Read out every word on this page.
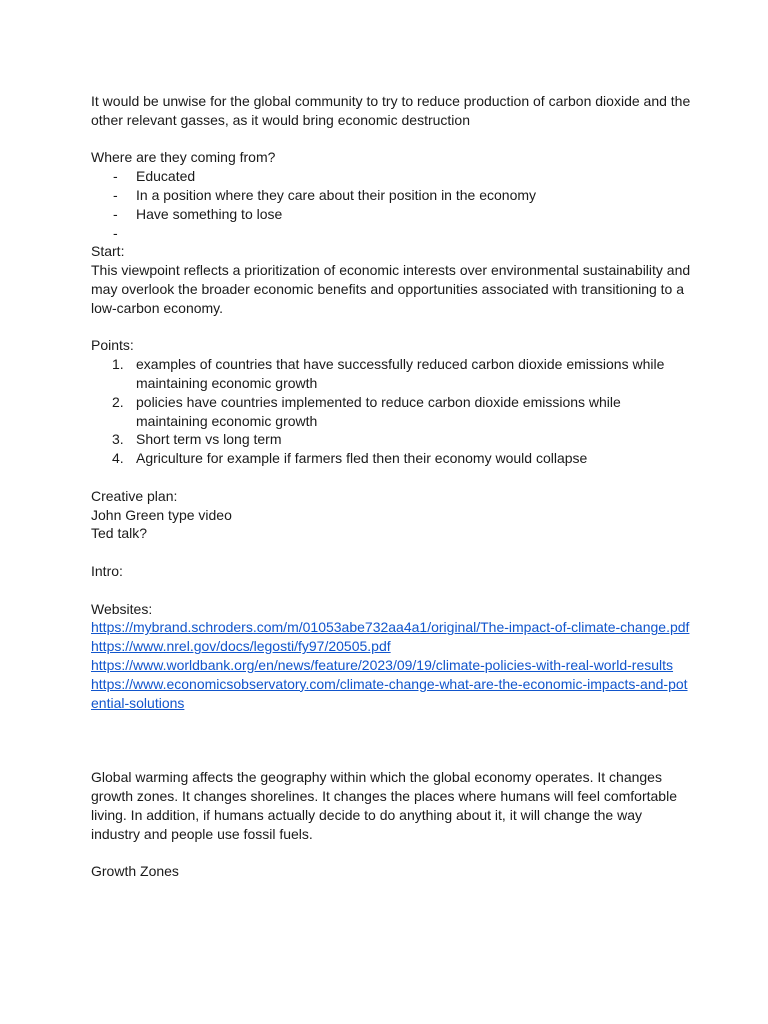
It would be unwise for the global community to try to reduce production of carbon dioxide and the other relevant gasses, as it would bring economic destruction

Where are they coming from?

- Educated
- In a position where they care about their position in the economy
- Have something to lose
-

Start:

This viewpoint reflects a prioritization of economic interests over environmental sustainability and may overlook the broader economic benefits and opportunities associated with transitioning to a low-carbon economy.

Points:

1. examples of countries that have successfully reduced carbon dioxide emissions while maintaining economic growth
2. policies have countries implemented to reduce carbon dioxide emissions while maintaining economic growth
3. Short term vs long term
4. Agriculture for example if farmers fled then their economy would collapse

Creative plan:

John Green type video

Ted talk?

Intro:

Websites:

https://mybrand.schroders.com/m/01053abe732aa4a1/original/The-impact-of-climate-change.pdf
https://www.nrel.gov/docs/legosti/fy97/20505.pdf
https://www.worldbank.org/en/news/feature/2023/09/19/climate-policies-with-real-world-results
https://www.economicsobservatory.com/climate-change-what-are-the-economic-impacts-and-potential-solutions

Global warming affects the geography within which the global economy operates. It changes growth zones. It changes shorelines. It changes the places where humans will feel comfortable living. In addition, if humans actually decide to do anything about it, it will change the way industry and people use fossil fuels.

Growth Zones
